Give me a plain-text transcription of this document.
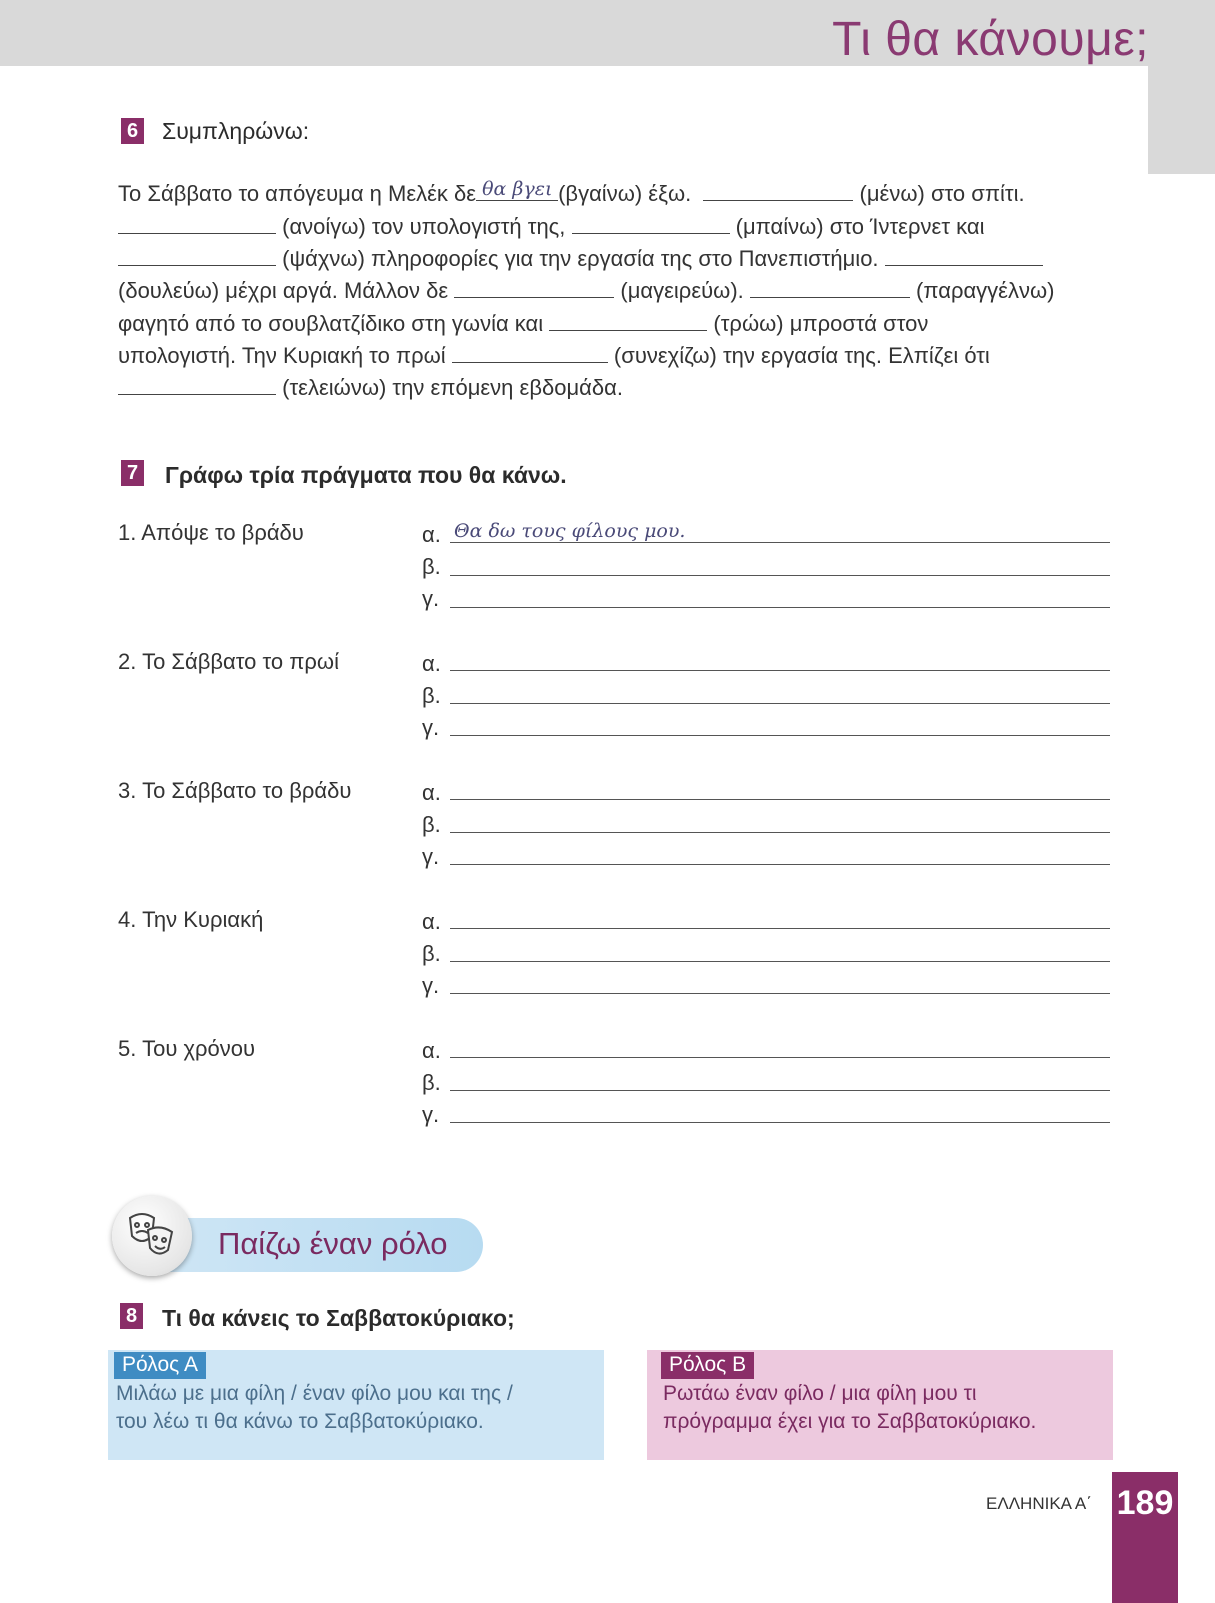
Τι θα κάνουμε;
6 Συμπληρώνω:
Το Σάββατο το απόγευμα η Μελέκ δε θα βγει (βγαίνω) έξω.	(μένω) στο σπίτι.
(ανοίγω) τον υπολογιστή της,	(μπαίνω) στο Ίντερνετ και
(ψάχνω) πληροφορίες για την εργασία της στο Πανεπιστήμιο.
(δουλεύω) μέχρι αργά. Μάλλον δε	(μαγειρεύω).	(παραγγέλνω)
φαγητό από το σουβλατζίδικο στη γωνία και	(τρώω) μπροστά στον
υπολογιστή. Την Κυριακή το πρωί	(συνεχίζω) την εργασία της. Ελπίζει ότι
(τελειώνω) την επόμενη εβδομάδα.
7 Γράφω τρία πράγματα που θα κάνω.
1. Απόψε το βράδυ	α. Θα δω τους φίλους μου.
β.
γ.
2. Το Σάββατο το πρωί	α.
β.
γ.
3. Το Σάββατο το βράδυ	α.
β.
γ.
4. Την Κυριακή	α.
β.
γ.
5. Του χρόνου	α.
β.
γ.
Παίζω έναν ρόλο
8 Τι θα κάνεις το Σαββατοκύριακο;
Ρόλος Α
Μιλάω με μια φίλη / έναν φίλο μου και της /
του λέω τι θα κάνω το Σαββατοκύριακο.
Ρόλος Β
Ρωτάω έναν φίλο / μια φίλη μου τι
πρόγραμμα έχει για το Σαββατοκύριακο.
ΕΛΛΗΝΙΚΑ Α΄ 189
